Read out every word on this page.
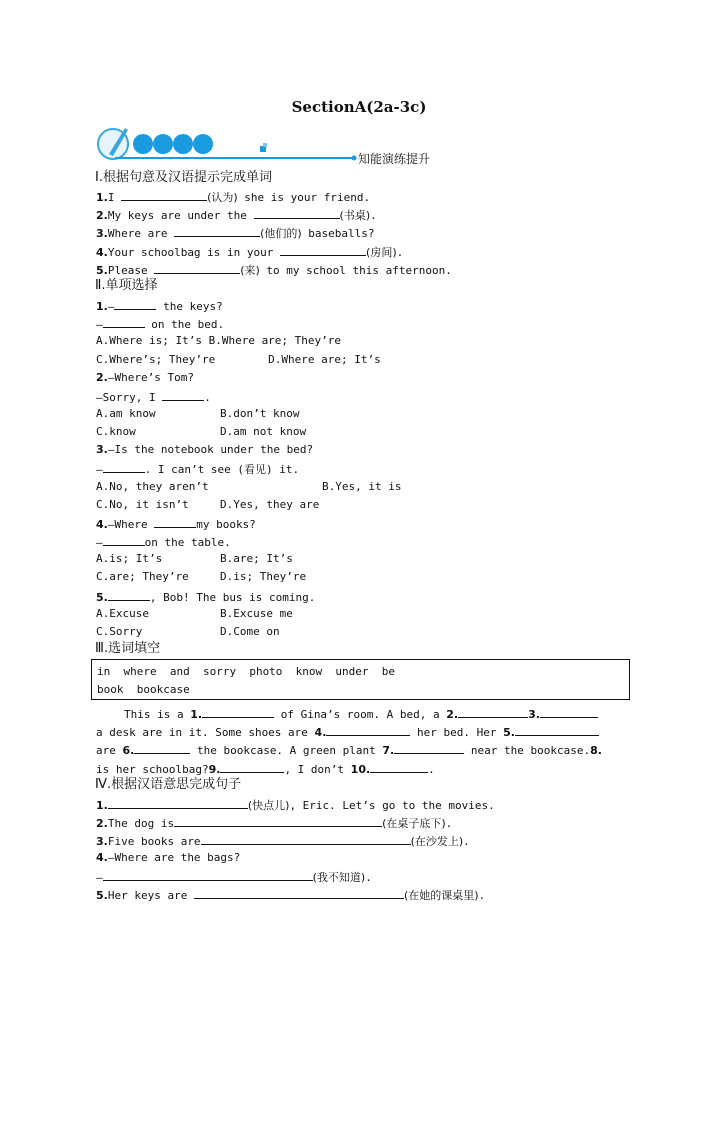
SectionA(2a-3c)
知能演练提升
Ⅰ.根据句意及汉语提示完成单词
1.I	(认为) she is your friend.
2.My keys are under the	(书桌).
3.Where are	(他们的) baseballs?
4.Your schoolbag is in your	(房间).
5.Please	(来) to my school this afternoon.
Ⅱ.单项选择
1.—	the keys?
—	on the bed.
A.Where is; It’s B.Where are; They’re
C.Where’s; They’re        D.Where are; It’s
2.—Where’s Tom?
—Sorry, I	.
A.am know	B.don’t know
C.know	D.am not know
3.—Is the notebook under the bed?
—	. I can’t see (看见) it.
A.No, they aren’t	B.Yes, it is
C.No, it isn’t	D.Yes, they are
4.—Where	my books?
—	on the table.
A.is; It’s	B.are; It’s
C.are; They’re	D.is; They’re
5.	, Bob! The bus is coming.
A.Excuse	B.Excuse me
C.Sorry	D.Come on
Ⅲ.选词填空
in  where  and  sorry  photo  know  under  be
book  bookcase
This is a 1.	of Gina’s room. A bed, a 2.	3.
a desk are in it. Some shoes are 4.	her bed. Her 5.
are 6.	the bookcase. A green plant 7.	near the bookcase.8.
is her schoolbag?9.	, I don’t 10.	.
Ⅳ.根据汉语意思完成句子
1.	(快点儿), Eric. Let’s go to the movies.
2.The dog is	(在桌子底下).
3.Five books are	(在沙发上).
4.—Where are the bags?
—	(我不知道).
5.Her keys are	(在她的课桌里).
